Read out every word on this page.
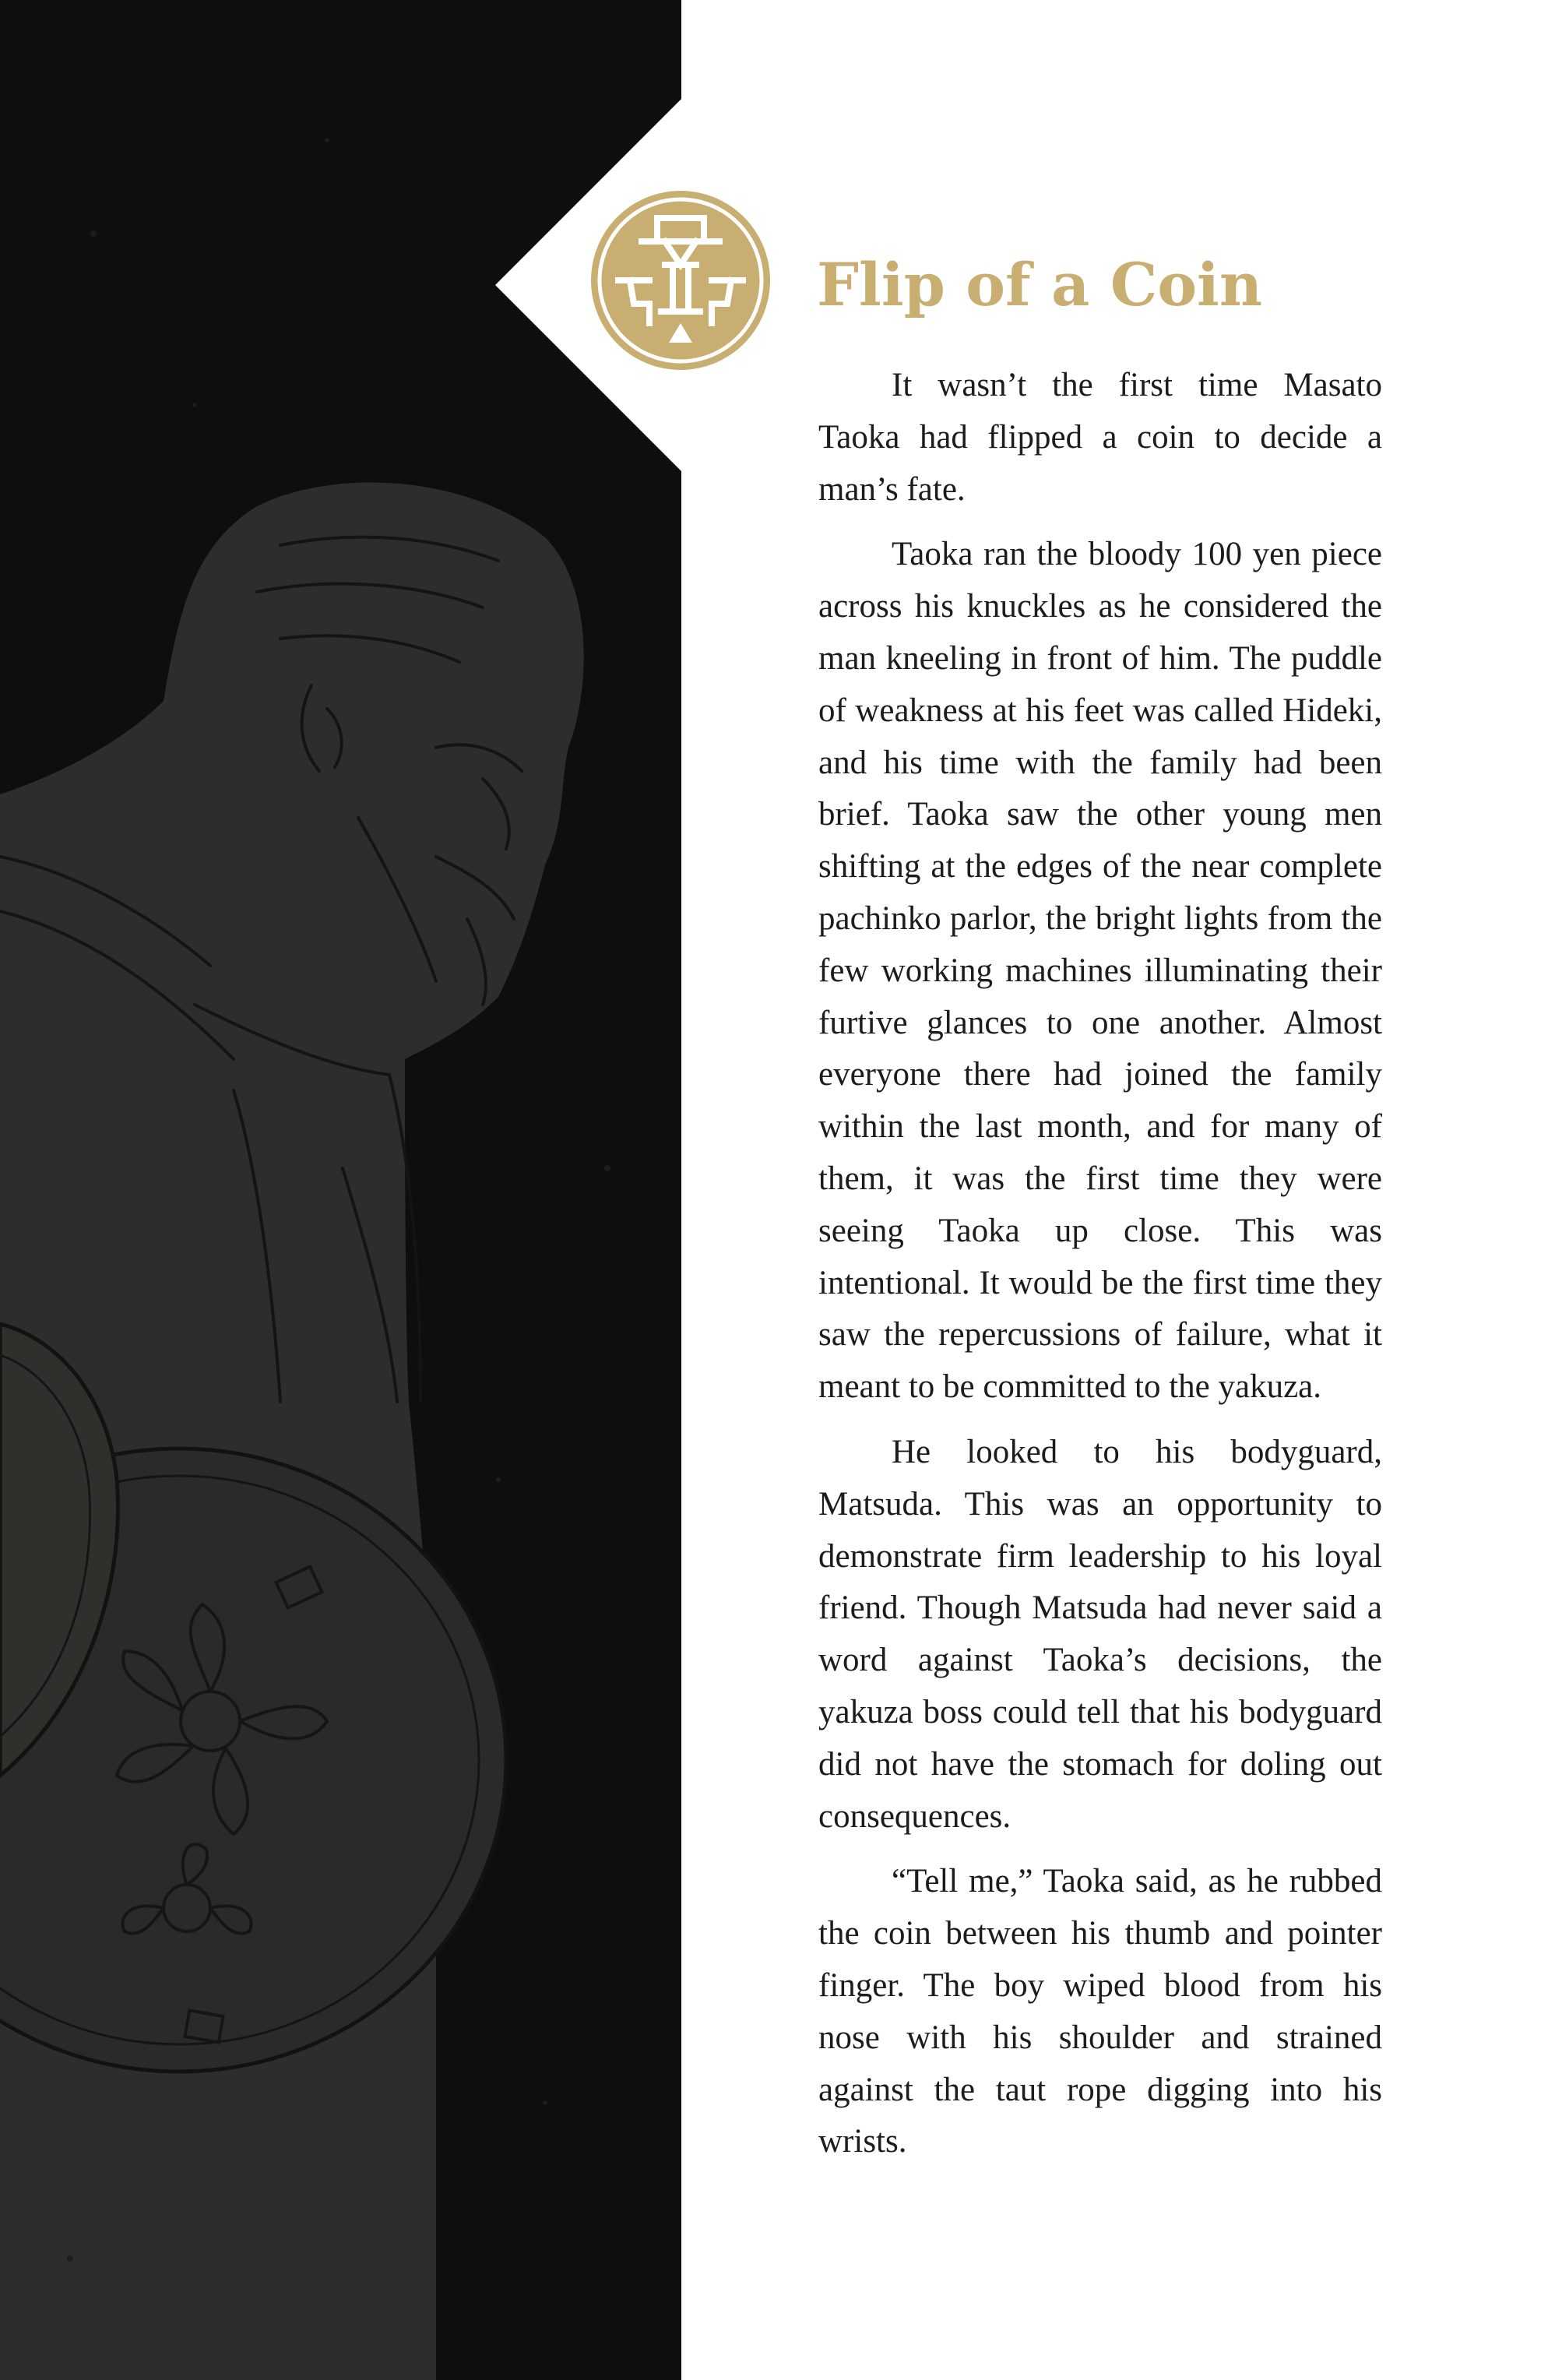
Flip of a Coin

It wasn’t the first time Masato Taoka had flipped a coin to decide a man’s fate.

Taoka ran the bloody 100 yen piece across his knuckles as he considered the man kneeling in front of him. The puddle of weakness at his feet was called Hideki, and his time with the family had been brief. Taoka saw the other young men shifting at the edges of the near complete pachinko parlor, the bright lights from the few working machines illuminating their furtive glances to one another. Almost everyone there had joined the family within the last month, and for many of them, it was the first time they were seeing Taoka up close. This was intentional. It would be the first time they saw the repercussions of failure, what it meant to be committed to the yakuza.

He looked to his bodyguard, Matsuda. This was an opportunity to demonstrate firm leadership to his loyal friend. Though Matsuda had never said a word against Taoka’s decisions, the yakuza boss could tell that his bodyguard did not have the stomach for doling out consequences.

“Tell me,” Taoka said, as he rubbed the coin between his thumb and pointer finger. The boy wiped blood from his nose with his shoulder and strained against the taut rope digging into his wrists.
